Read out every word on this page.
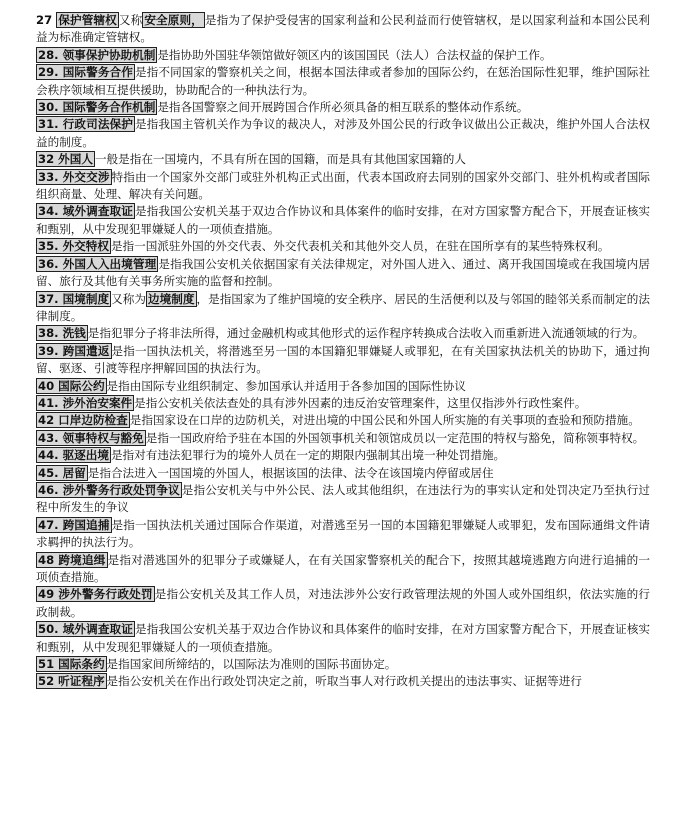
27 保护管辖权 又称 安全原则， 是指为了保护受侵害的国家利益和公民利益而行使管辖权，是以国家利益和本国公民利益为标准确定管辖权。

28. 领事保护协助机制 是指协助外国驻华领馆做好领区内的该国国民（法人）合法权益的保护工作。

29. 国际警务合作 是指不同国家的警察机关之间，根据本国法律或者参加的国际公约，在惩治国际性犯罪，维护国际社会秩序领域相互提供援助，协助配合的一种执法行为。

30. 国际警务合作机制 是指各国警察之间开展跨国合作所必须具备的相互联系的整体动作系统。

31. 行政司法保护 是指我国主管机关作为争议的裁决人，对涉及外国公民的行政争议做出公正裁决，维护外国人合法权益的制度。

32 外国人 一般是指在一国境内，不具有所在国的国籍，而是具有其他国家国籍的人

33. 外交交涉 特指由一个国家外交部门或驻外机构正式出面，代表本国政府去同别的国家外交部门、驻外机构或者国际组织商量、处理、解决有关问题。

34. 域外调查取证 是指我国公安机关基于双边合作协议和具体案件的临时安排，在对方国家警方配合下，开展查证核实和甄别，从中发现犯罪嫌疑人的一项侦查措施。

35. 外交特权 是指一国派驻外国的外交代表、外交代表机关和其他外交人员，在驻在国所享有的某些特殊权利。

36. 外国人入出境管理 是指我国公安机关依据国家有关法律规定，对外国人进入、通过、离开我国国境或在我国境内居留、旅行及其他有关事务所实施的监督和控制。

37. 国境制度 又称为 边境制度 ，是指国家为了维护国境的安全秩序、居民的生活便利以及与邻国的睦邻关系而制定的法律制度。

38. 洗钱 是指犯罪分子将非法所得，通过金融机构或其他形式的运作程序转换成合法收入而重新进入流通领域的行为。

39. 跨国遣返 是指一国执法机关，将潜逃至另一国的本国籍犯罪嫌疑人或罪犯，在有关国家执法机关的协助下，通过拘留、驱逐、引渡等程序押解回国的执法行为。

40 国际公约 是指由国际专业组织制定、参加国承认并适用于各参加国的国际性协议

41. 涉外治安案件 是指公安机关依法查处的具有涉外因素的违反治安管理案件，这里仅指涉外行政性案件。

42 口岸边防检查 是指国家设在口岸的边防机关，对进出境的中国公民和外国人所实施的有关事项的查验和预防措施。

43. 领事特权与豁免 是指一国政府给予驻在本国的外国领事机关和领馆成员以一定范围的特权与豁免，简称领事特权。

44. 驱逐出境 是指对有违法犯罪行为的境外人员在一定的期限内强制其出境一种处罚措施。

45. 居留 是指合法进入一国国境的外国人，根据该国的法律、法令在该国境内停留或居住

46. 涉外警务行政处罚争议 是指公安机关与中外公民、法人或其他组织，在违法行为的事实认定和处罚决定乃至执行过程中所发生的争议

47. 跨国追捕 是指一国执法机关通过国际合作渠道，对潜逃至另一国的本国籍犯罪嫌疑人或罪犯，发布国际通缉文件请求羁押的执法行为。

48 跨境追缉 是指对潜逃国外的犯罪分子或嫌疑人，在有关国家警察机关的配合下，按照其越境逃跑方向进行追捕的一项侦查措施。

49 涉外警务行政处罚 是指公安机关及其工作人员，对违法涉外公安行政管理法规的外国人或外国组织，依法实施的行政制裁。

50. 域外调查取证 是指我国公安机关基于双边合作协议和具体案件的临时安排，在对方国家警方配合下，开展查证核实和甄别，从中发现犯罪嫌疑人的一项侦查措施。

51 国际条约 是指国家间所缔结的，以国际法为准则的国际书面协定。

52 听证程序 是指公安机关在作出行政处罚决定之前，听取当事人对行政机关提出的违法事实、证据等进行
